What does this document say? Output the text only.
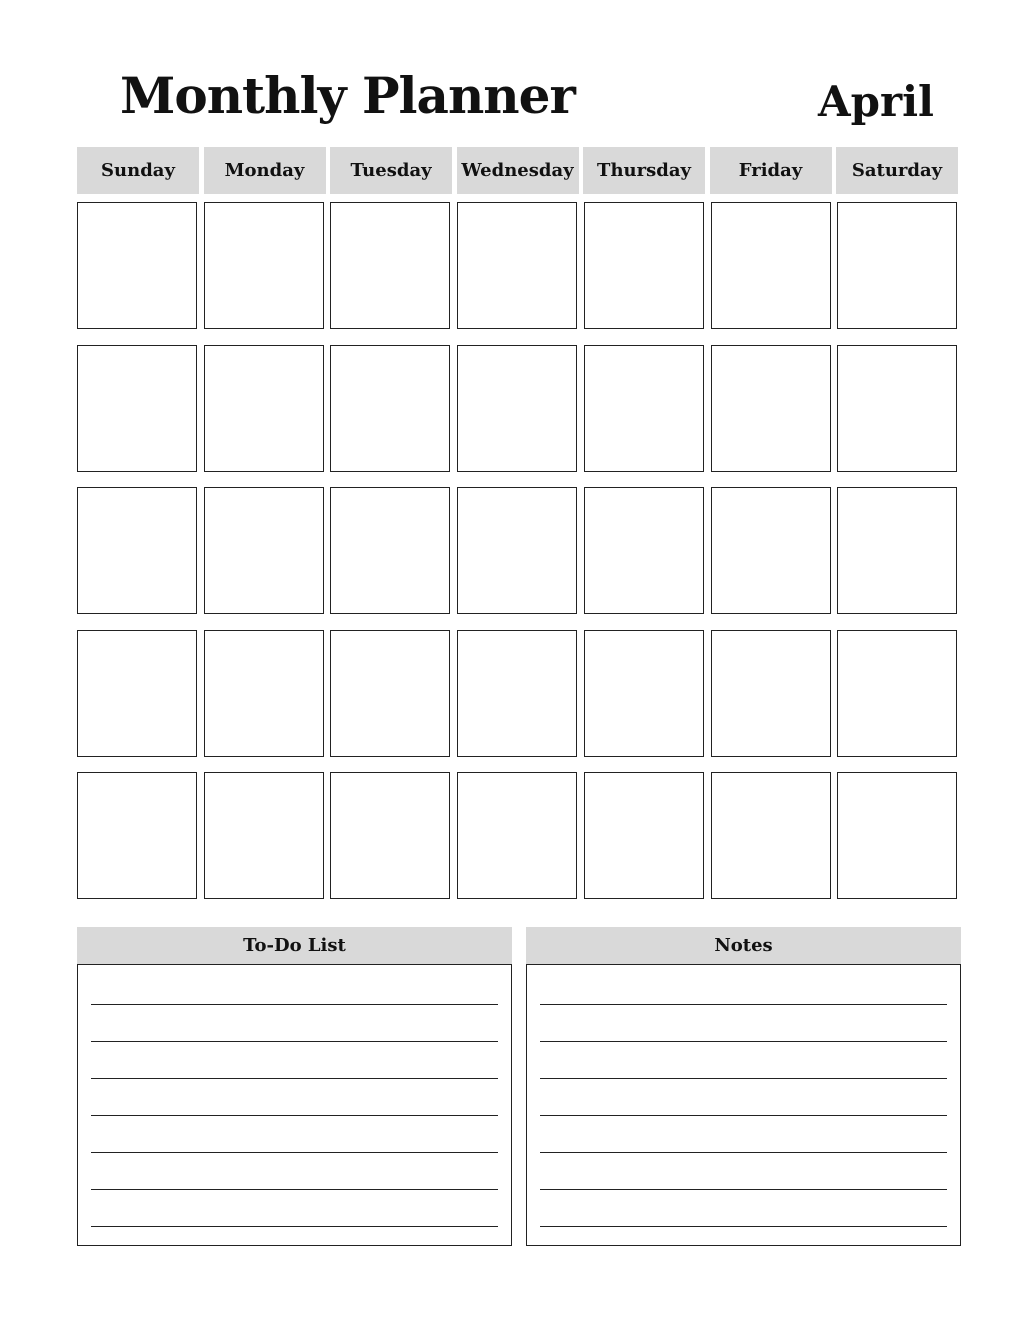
Monthly Planner	April
Sunday	Monday	Tuesday	Wednesday	Thursday	Friday	Saturday
To-Do List	Notes
